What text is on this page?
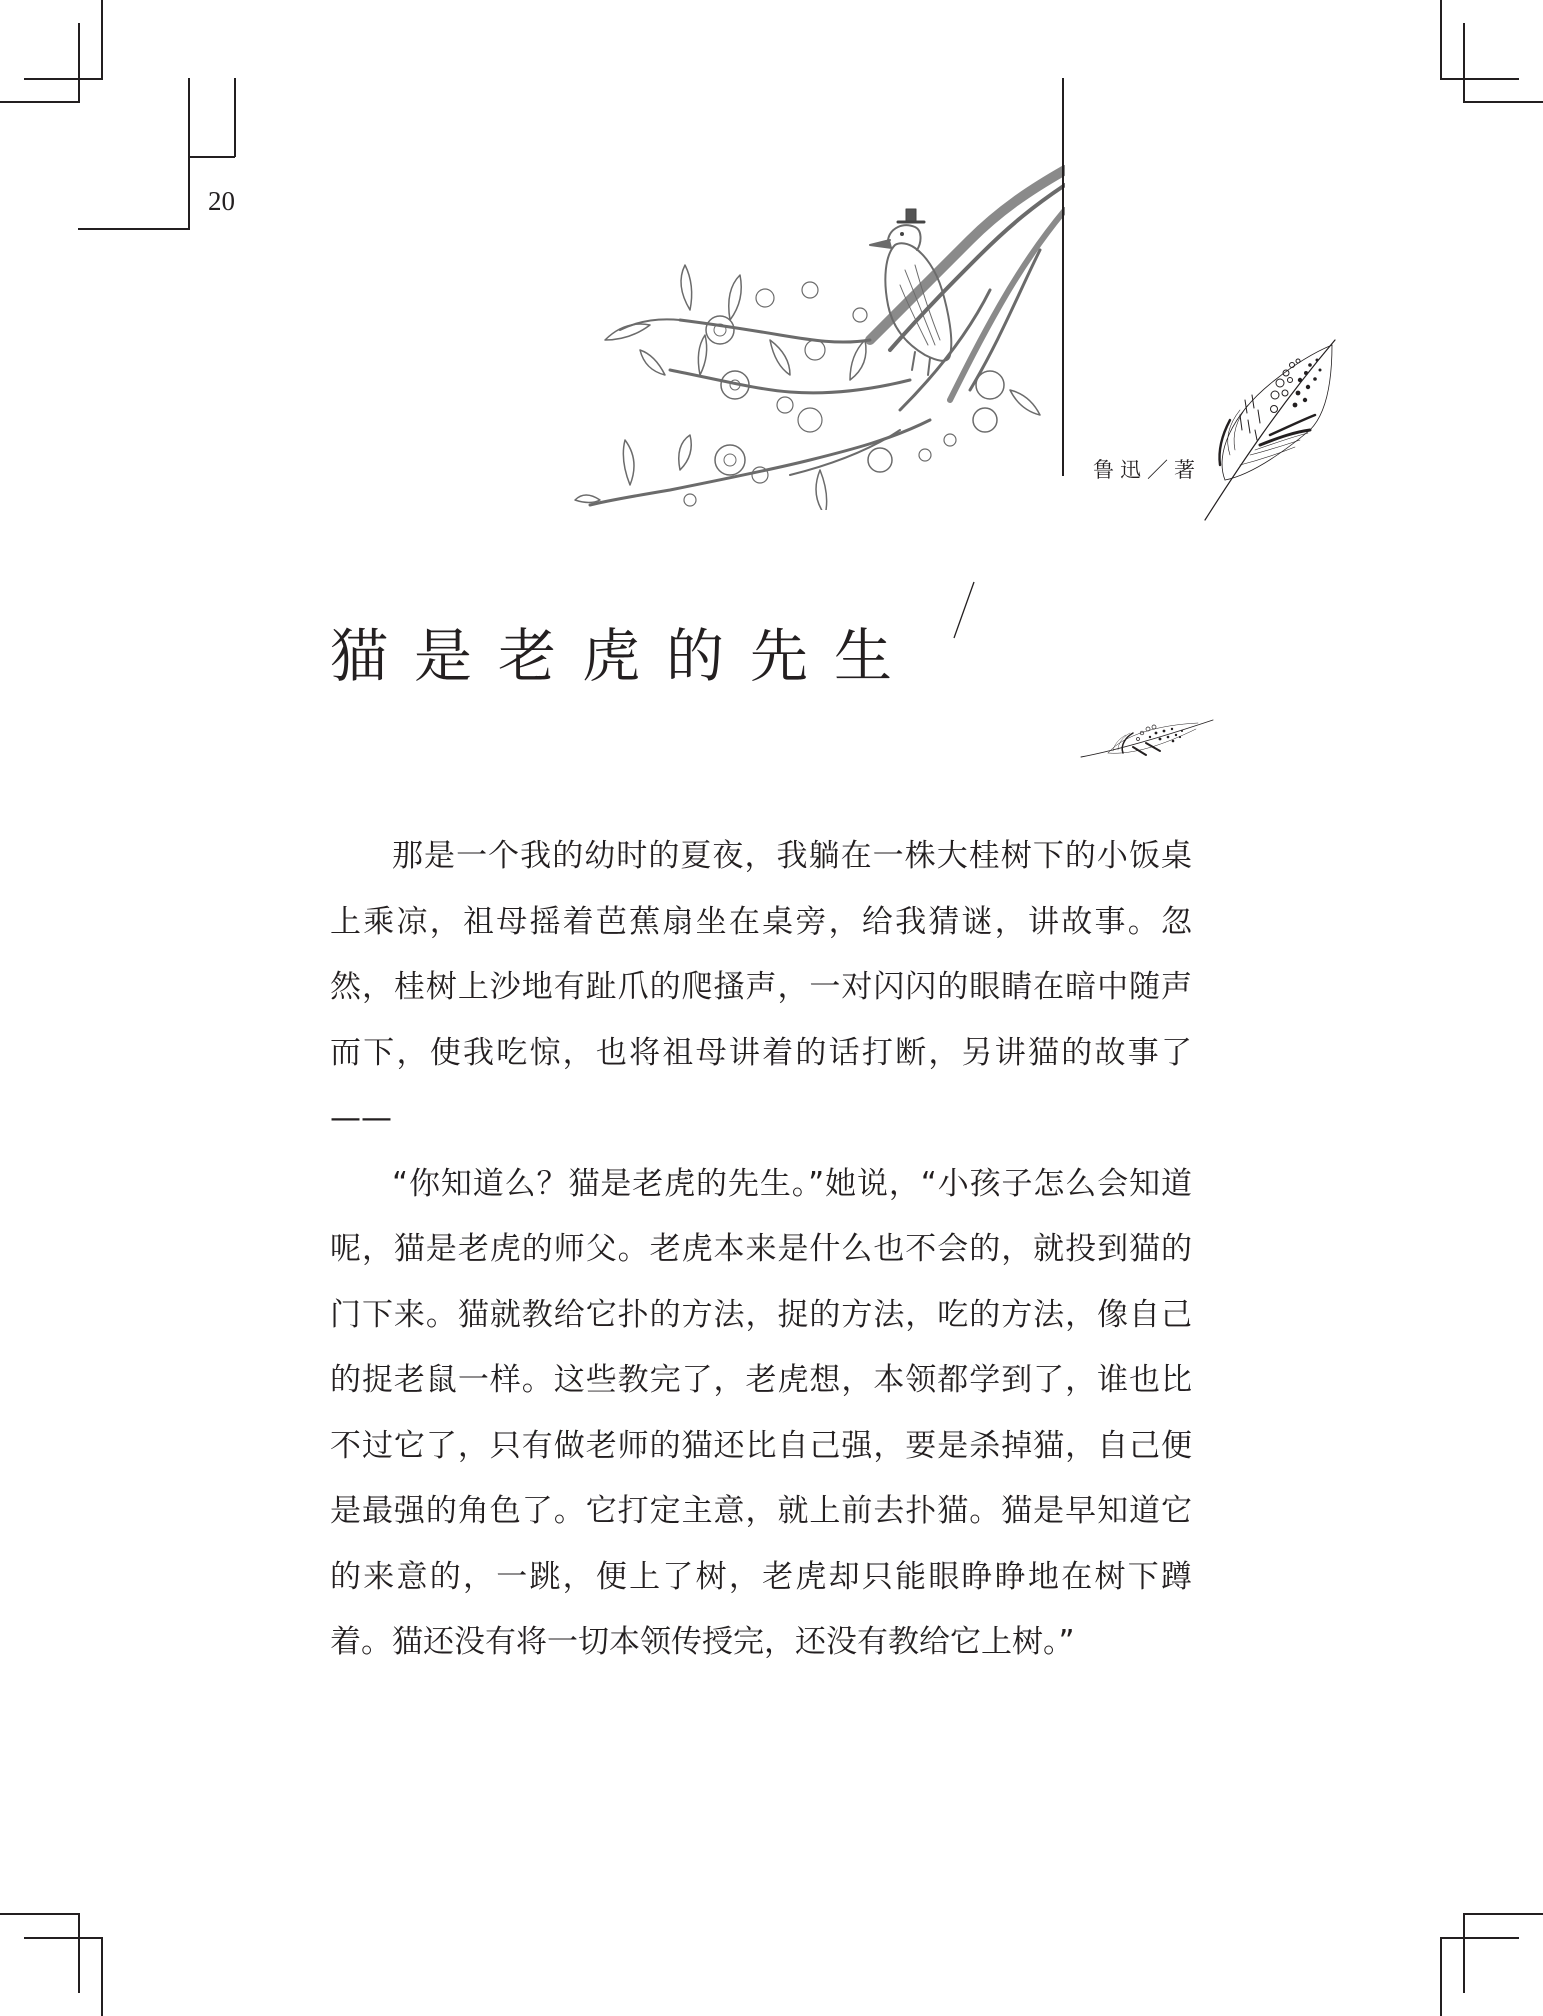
20
鲁迅／著
猫是老虎的先生

那是一个我的幼时的夏夜，我躺在一株大桂树下的小饭桌上乘凉，祖母摇着芭蕉扇坐在桌旁，给我猜谜，讲故事。忽然，桂树上沙地有趾爪的爬搔声，一对闪闪的眼睛在暗中随声而下，使我吃惊，也将祖母讲着的话打断，另讲猫的故事了——

“你知道么？猫是老虎的先生。”她说，“小孩子怎么会知道呢，猫是老虎的师父。老虎本来是什么也不会的，就投到猫的门下来。猫就教给它扑的方法，捉的方法，吃的方法，像自己的捉老鼠一样。这些教完了，老虎想，本领都学到了，谁也比不过它了，只有做老师的猫还比自己强，要是杀掉猫，自己便是最强的角色了。它打定主意，就上前去扑猫。猫是早知道它的来意的，一跳，便上了树，老虎却只能眼睁睁地在树下蹲着。猫还没有将一切本领传授完，还没有教给它上树。”
